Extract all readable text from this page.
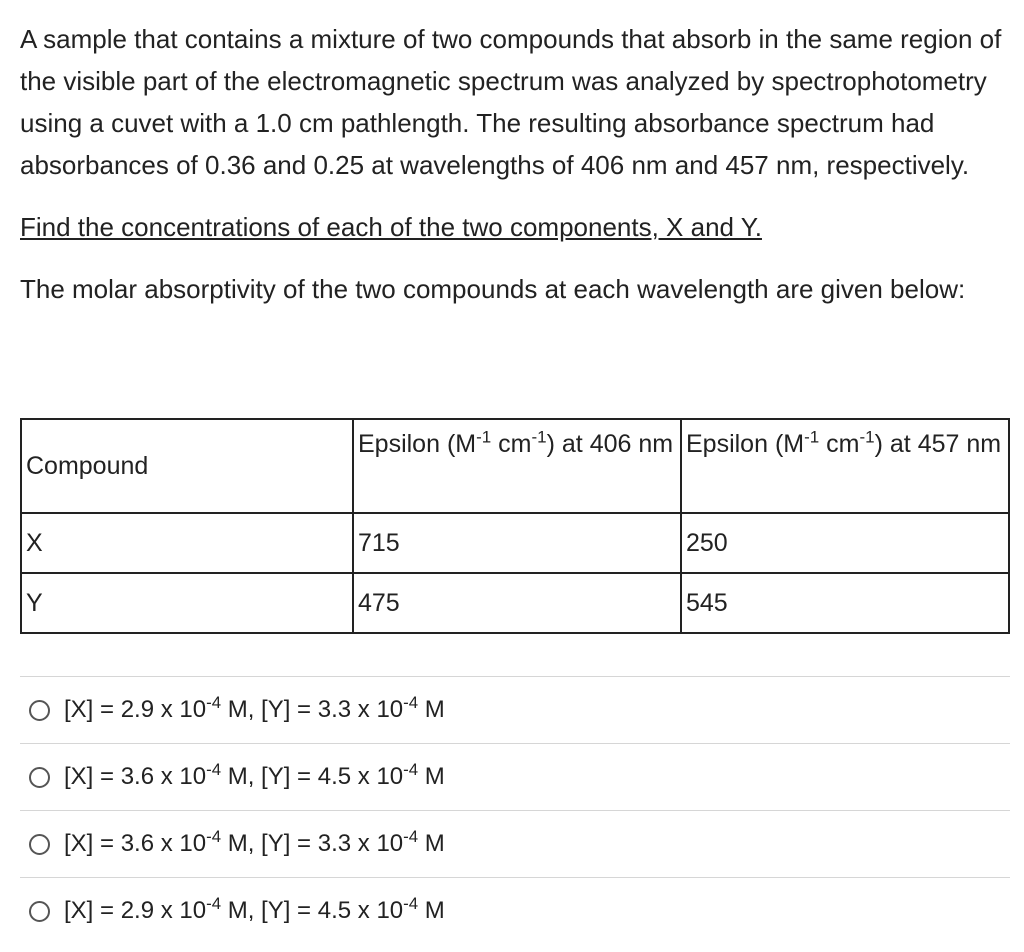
A sample that contains a mixture of two compounds that absorb in the same region of the visible part of the electromagnetic spectrum was analyzed by spectrophotometry using a cuvet with a 1.0 cm pathlength. The resulting absorbance spectrum had absorbances of 0.36 and 0.25 at wavelengths of 406 nm and 457 nm, respectively.

Find the concentrations of each of the two components, X and Y.

The molar absorptivity of the two compounds at each wavelength are given below:

Compound	Epsilon ($M^{-1}$ $cm^{-1}$) at 406 nm	Epsilon ($M^{-1}$ $cm^{-1}$) at 457 nm
X	715	250
Y	475	545
[X] = 2.9 x $10^{-4}$ M, [Y] = 3.3 x $10^{-4}$ M
[X] = 3.6 x $10^{-4}$ M, [Y] = 4.5 x $10^{-4}$ M
[X] = 3.6 x $10^{-4}$ M, [Y] = 3.3 x $10^{-4}$ M
[X] = 2.9 x $10^{-4}$ M, [Y] = 4.5 x $10^{-4}$ M
